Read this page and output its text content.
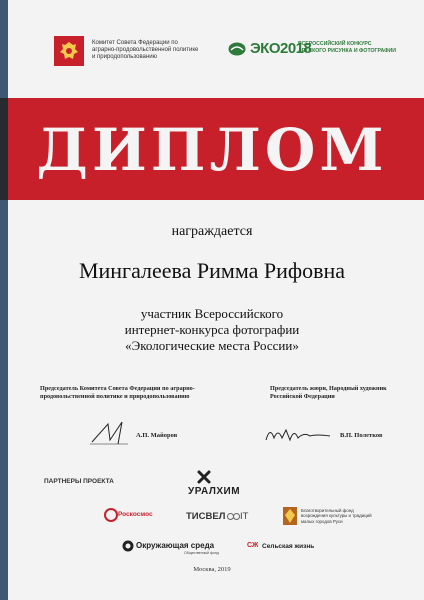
Комитет Совета Федерации по аграрно-продовольственной политике и природопользованию	ЭКО2018
ВСЕРОССИЙСКИЙ КОНКУРС ДЕТСКОГО РИСУНКА И ФОТОГРАФИИ
ДИПЛОМ
награждается
Мингалеева Римма Рифовна
участник Всероссийского
интернет-конкурса фотографии
«Экологические места России»
Председатель Комитета Совета Федерации по аграрно-продовольственной политике и природопользованию
А.П. Майоров
Председатель жюри, Народный художник Российской Федерации
В.П. Полетков
ПАРТНЕРЫ ПРОЕКТА
УРАЛХИМ
Роскосмос	ТИСВЕЛ IT
Благотворительный фонд возрождения культуры и традиций малых городов Руси
Окружающая среда
Общественный фонд
СЖ Сельская жизнь
Москва, 2019
